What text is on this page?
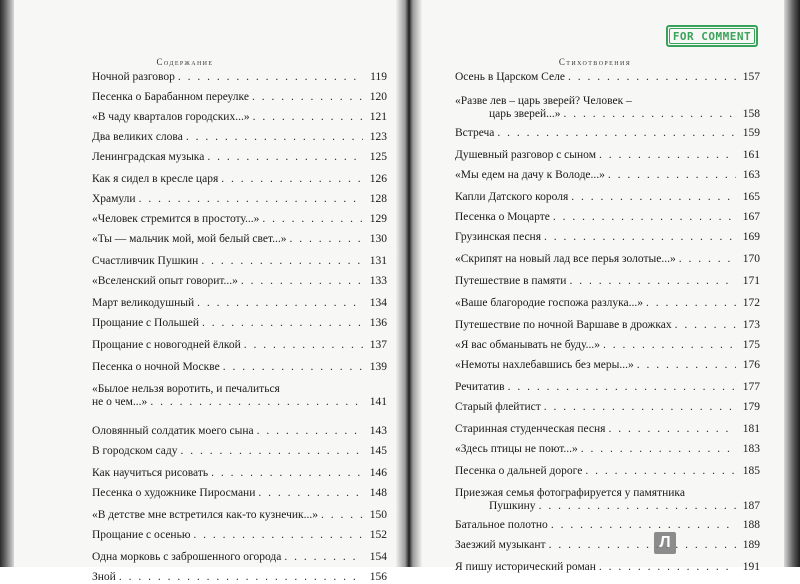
Содержание
Ночной разговор . . .	119
Песенка о Барабанном переулке . . .	120
«В чаду кварталов городских...» . . .	121
Два великих слова . . .	123
Ленинградская музыка . . .	125
Как я сидел в кресле царя . . .	126
Храмули . . .	128
«Человек стремится в простоту...» . . .	129
«Ты — мальчик мой, мой белый свет...» . . .	130
Счастливчик Пушкин . . .	131
«Вселенский опыт говорит...» . . .	133
Март великодушный . . .	134
Прощание с Польшей . . .	136
Прощание с новогодней ёлкой . . .	137
Песенка о ночной Москве . . .	139
«Былое нельзя воротить, и печалиться
не о чем...» . . .	141
Оловянный солдатик моего сына . . .	143
В городском саду . . .	145
Как научиться рисовать . . .	146
Песенка о художнике Пиросмани . . .	148
«В детстве мне встретился как-то кузнечик...» . . .	150
Прощание с осенью . . .	152
Одна морковь с заброшенного огорода . . .	154
Зной . . .	156
Стихотворения
Осень в Царском Селе . . .	157
«Разве лев – царь зверей? Человек –
царь зверей...» . . .	158
Встреча . . .	159
Душевный разговор с сыном . . .	161
«Мы едем на дачу к Володе...» . . .	163
Капли Датского короля . . .	165
Песенка о Моцарте . . .	167
Грузинская песня . . .	169
«Скрипят на новый лад все перья золотые...» . . .	170
Путешествие в памяти . . .	171
«Ваше благородие госпожа разлука...» . . .	172
Путешествие по ночной Варшаве в дрожках . . .	173
«Я вас обманывать не буду...» . . .	175
«Немоты нахлебавшись без меры...» . . .	176
Речитатив . . .	177
Старый флейтист . . .	179
Старинная студенческая песня . . .	181
«Здесь птицы не поют...» . . .	183
Песенка о дальней дороге . . .	185
Приезжая семья фотографируется у памятника
Пушкину . . .	187
Батальное полотно . . .	188
Заезжий музыкант . . .	189
Я пишу исторический роман . . .	191
FOR COMMENT
Л
